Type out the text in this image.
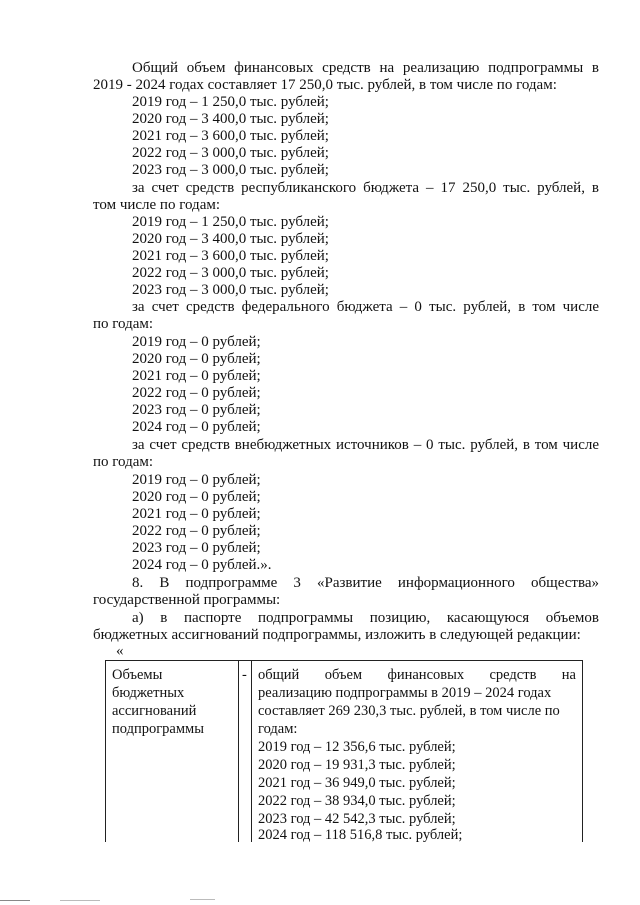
Общий объем финансовых средств на реализацию подпрограммы в
2019 - 2024 годах составляет 17 250,0 тыс. рублей, в том числе по годам:
2019 год – 1 250,0 тыс. рублей;
2020 год – 3 400,0 тыс. рублей;
2021 год – 3 600,0 тыс. рублей;
2022 год – 3 000,0 тыс. рублей;
2023 год – 3 000,0 тыс. рублей;
за счет средств республиканского бюджета – 17 250,0 тыс. рублей, в
том числе по годам:
2019 год – 1 250,0 тыс. рублей;
2020 год – 3 400,0 тыс. рублей;
2021 год – 3 600,0 тыс. рублей;
2022 год – 3 000,0 тыс. рублей;
2023 год – 3 000,0 тыс. рублей;
за счет средств федерального бюджета – 0 тыс. рублей, в том числе
по годам:
2019 год – 0 рублей;
2020 год – 0 рублей;
2021 год – 0 рублей;
2022 год – 0 рублей;
2023 год – 0 рублей;
2024 год – 0 рублей;
за счет средств внебюджетных источников – 0 тыс. рублей, в том числе
по годам:
2019 год – 0 рублей;
2020 год – 0 рублей;
2021 год – 0 рублей;
2022 год – 0 рублей;
2023 год – 0 рублей;
2024 год – 0 рублей.».
8. В подпрограмме 3 «Развитие информационного общества»
государственной программы:
а) в паспорте подпрограммы позицию, касающуюся объемов
бюджетных ассигнований подпрограммы, изложить в следующей редакции:
«
Объемы
бюджетных
ассигнований
подпрограммы
- общий объем финансовых средств на
реализацию подпрограммы в 2019 – 2024 годах
составляет 269 230,3 тыс. рублей, в том числе по
годам:
2019 год – 12 356,6 тыс. рублей;
2020 год – 19 931,3 тыс. рублей;
2021 год – 36 949,0 тыс. рублей;
2022 год – 38 934,0 тыс. рублей;
2023 год – 42 542,3 тыс. рублей;
2024 год – 118 516,8 тыс. рублей;
